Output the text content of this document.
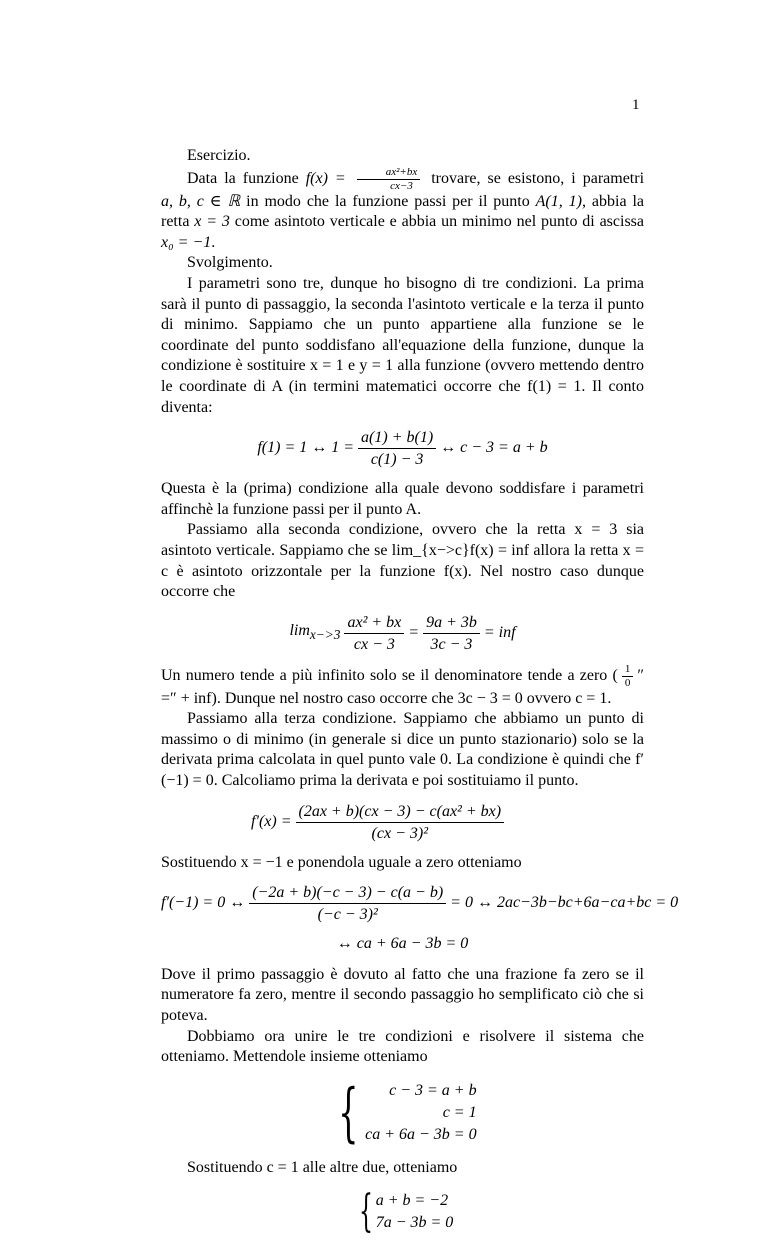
1

Esercizio.

Data la funzione $f(x) = \frac{\text{ax²+bx}}{cx-3}$ trovare, se esistono, i parametri a, b, c ∈ ℝ in modo che la funzione passi per il punto A(1, 1), abbia la retta x = 3 come asintoto verticale e abbia un minimo nel punto di ascissa x₀ = −1.

Svolgimento.

I parametri sono tre, dunque ho bisogno di tre condizioni. La prima sarà il punto di passaggio, la seconda l'asintoto verticale e la terza il punto di minimo. Sappiamo che un punto appartiene alla funzione se le coordinate del punto soddisfano all'equazione della funzione, dunque la condizione è sostituire x = 1 e y = 1 alla funzione (ovvero mettendo dentro le coordinate di A (in termini matematici occorre che f(1) = 1. Il conto diventa:

f(1) = 1 ↔ $1 = \frac{a(1) + b(1)}{c(1) - 3}$ ↔ c − 3 = a + b

Questa è la (prima) condizione alla quale devono soddisfare i parametri affinchè la funzione passi per il punto A.

Passiamo alla seconda condizione, ovvero che la retta x = 3 sia asintoto verticale. Sappiamo che se lim_{x−>c}f(x) = inf allora la retta x = c è asintoto orizzontale per la funzione f(x). Nel nostro caso dunque occorre che

$\lim_{x->3} \frac{\text{ax² + bx}}{cx - 3} = \frac{9a + 3b}{3c - 3}$ = inf

Un numero tende a più infinito solo se il denominatore tende a zero ( $\frac{1}{0}$ ″ =″ + inf). Dunque nel nostro caso occorre che 3c − 3 = 0 ovvero c = 1.

Passiamo alla terza condizione. Sappiamo che abbiamo un punto di massimo o di minimo (in generale si dice un punto stazionario) solo se la derivata prima calcolata in quel punto vale 0. La condizione è quindi che f′(−1) = 0. Calcoliamo prima la derivata e poi sostituiamo il punto.

$f'(x) = \frac{\text{(2ax + b)(cx − 3) − c(ax² + bx)}}{\text{(cx − 3)²}}$

Sostituendo x = −1 e ponendola uguale a zero otteniamo

f′(−1) = 0 ↔ $\frac{(-2a + b)(-c - 3) - c(a - b)}{\text{(−c − 3)²}} = 0$ ↔ 2ac−3b−bc+6a−ca+bc = 0
↔ ca + 6a − 3b = 0

Dove il primo passaggio è dovuto al fatto che una frazione fa zero se il numeratore fa zero, mentre il secondo passaggio ho semplificato ciò che si poteva.

Dobbiamo ora unire le tre condizioni e risolvere il sistema che otteniamo. Mettendole insieme otteniamo

{ c − 3 = a + b
c = 1
ca + 6a − 3b = 0

Sostituendo c = 1 alle altre due, otteniamo

{ a + b = −2
7a − 3b = 0
